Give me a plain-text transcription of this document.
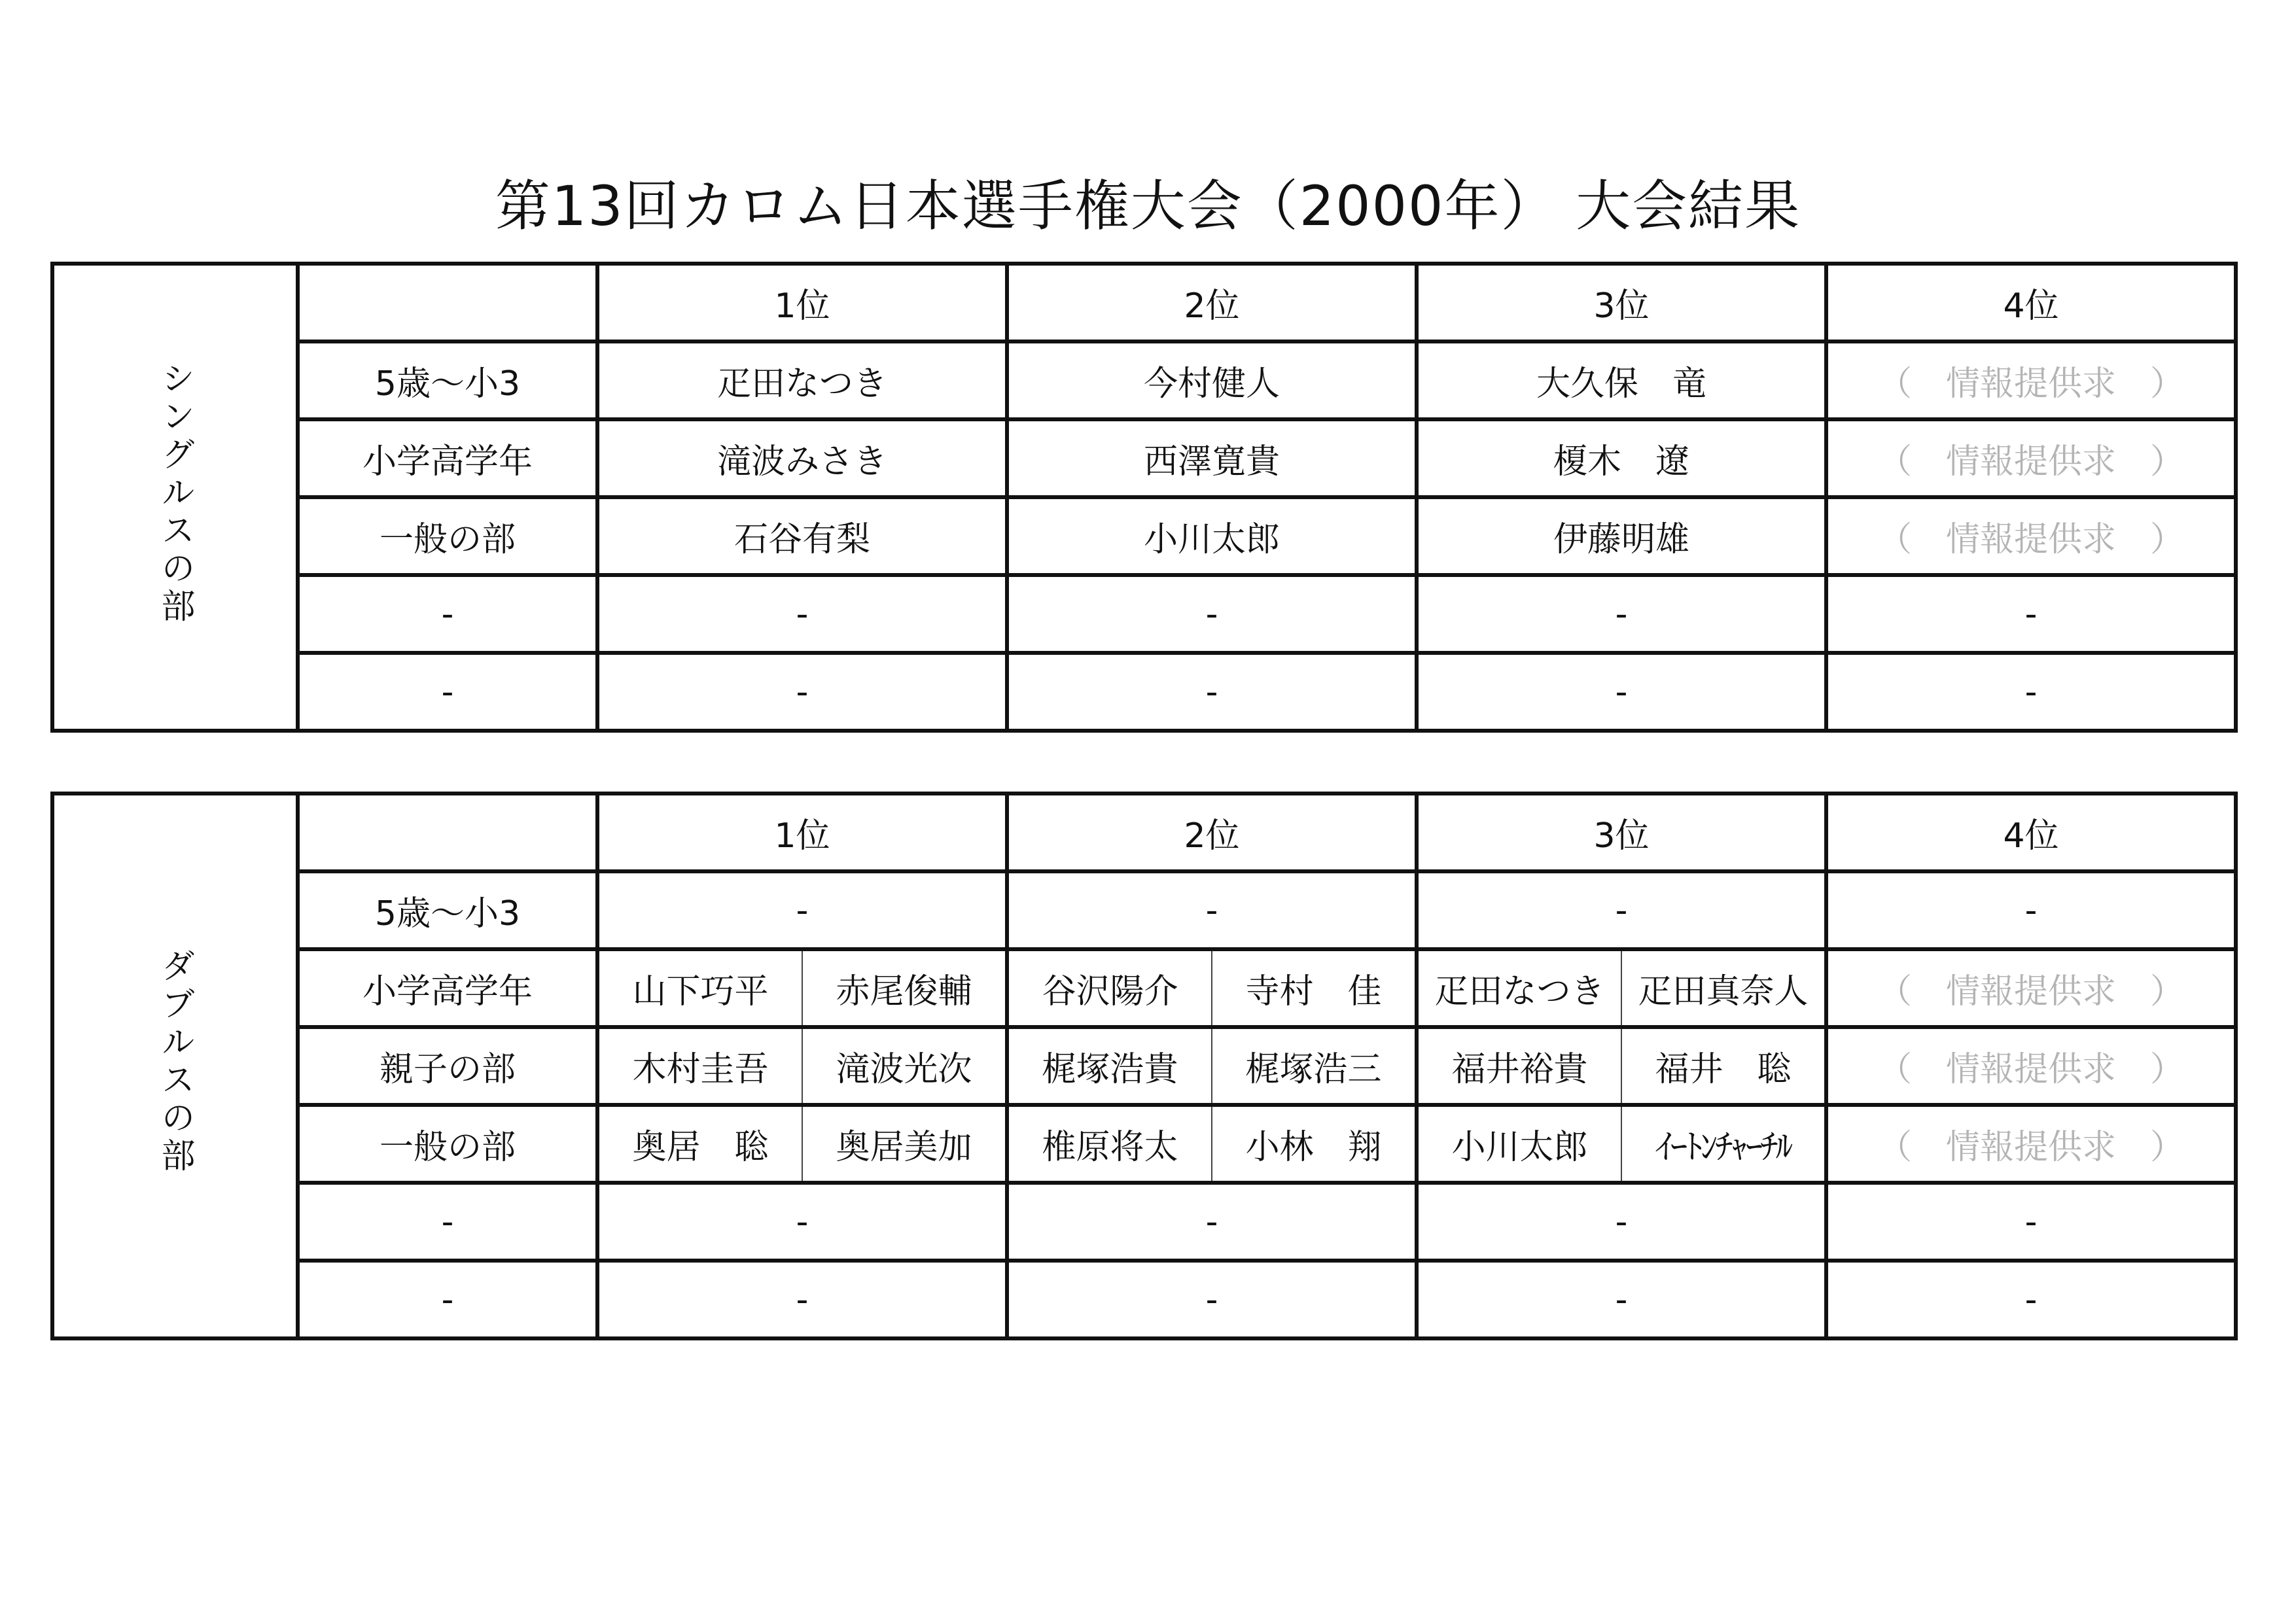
第13回カロム日本選手権大会（2000年） 大会結果
シングルスの部		1位	2位	3位	4位
	5歳〜小3	疋田なつき	今村健人	大久保　竜	（　情報提供求　）
	小学高学年	滝波みさき	西澤寛貴	榎木　遼	（　情報提供求　）
	一般の部	石谷有梨	小川太郎	伊藤明雄	（　情報提供求　）
	-	-	-	-	-
	-	-	-	-	-
ダブルスの部		1位		2位		3位		4位
	5歳〜小3	-		-		-		-
	小学高学年	山下巧平	赤尾俊輔	谷沢陽介	寺村　佳	疋田なつき	疋田真奈人	（　情報提供求　）
	親子の部	木村圭吾	滝波光次	梶塚浩貴	梶塚浩三	福井裕貴	福井　聡	（　情報提供求　）
	一般の部	奥居　聡	奥居美加	椎原将太	小林　翔	小川太郎	ｲｰﾄﾝﾁｬｰﾁﾙ	（　情報提供求　）
	-	-		-		-		-
	-	-		-		-		-
